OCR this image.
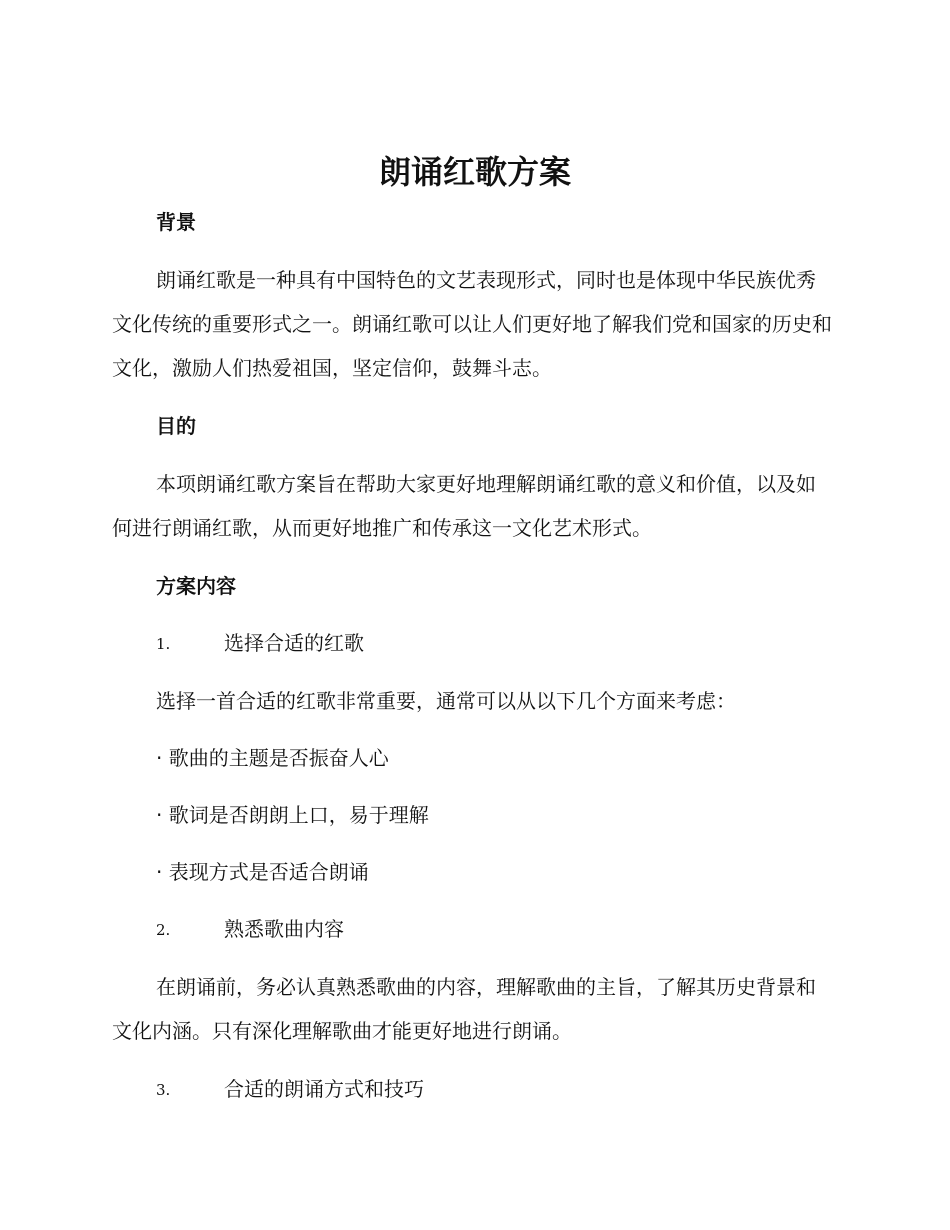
朗诵红歌方案
背景

朗诵红歌是一种具有中国特色的文艺表现形式，同时也是体现中华民族优秀文化传统的重要形式之一。朗诵红歌可以让人们更好地了解我们党和国家的历史和文化，激励人们热爱祖国，坚定信仰，鼓舞斗志。

目的

本项朗诵红歌方案旨在帮助大家更好地理解朗诵红歌的意义和价值，以及如何进行朗诵红歌，从而更好地推广和传承这一文化艺术形式。

方案内容
1.	选择合适的红歌
选择一首合适的红歌非常重要，通常可以从以下几个方面来考虑：
· 歌曲的主题是否振奋人心
· 歌词是否朗朗上口，易于理解
· 表现方式是否适合朗诵
2.	熟悉歌曲内容

在朗诵前，务必认真熟悉歌曲的内容，理解歌曲的主旨，了解其历史背景和文化内涵。只有深化理解歌曲才能更好地进行朗诵。

3.	合适的朗诵方式和技巧
